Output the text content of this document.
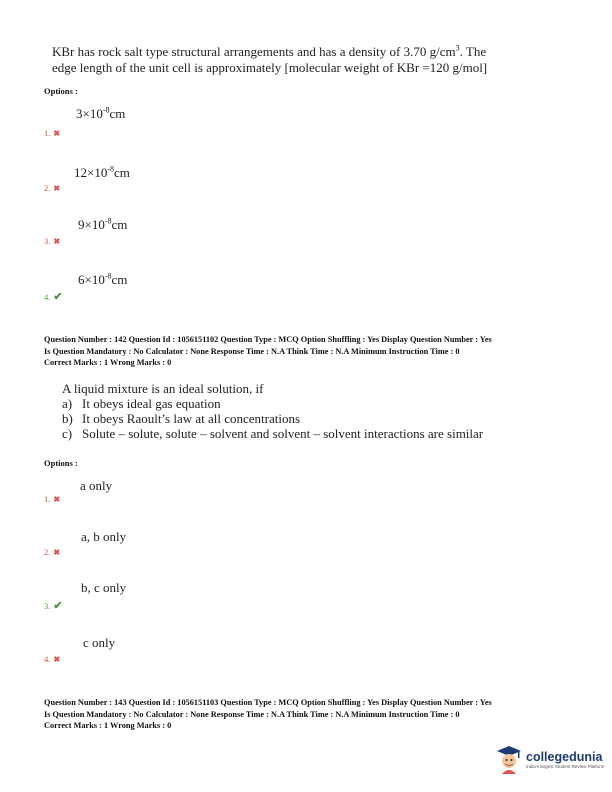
KBr has rock salt type structural arrangements and has a density of 3.70 $g/cm^3$. The
edge length of the unit cell is approximately [molecular weight of KBr =120 g/mol]
Options :
$3\times 10^{-8}cm$
1. ✖
$12\times 10^{-8}cm$
2. ✖
$9\times 10^{-8}cm$
3. ✖
$6\times 10^{-8}cm$
4. ✔
Question Number : 142 Question Id : 1056151102 Question Type : MCQ Option Shuffling : Yes Display Question Number : Yes
Is Question Mandatory : No Calculator : None Response Time : N.A Think Time : N.A Minimum Instruction Time : 0
Correct Marks : 1 Wrong Marks : 0
A liquid mixture is an ideal solution, if
a) It obeys ideal gas equation
b) It obeys Raoult’s law at all concentrations
c) Solute – solute, solute – solvent and solvent – solvent interactions are similar
Options :
a only
1. ✖
a, b only
2. ✖
b, c only
3. ✔
c only
4. ✖
Question Number : 143 Question Id : 1056151103 Question Type : MCQ Option Shuffling : Yes Display Question Number : Yes
Is Question Mandatory : No Calculator : None Response Time : N.A Think Time : N.A Minimum Instruction Time : 0
Correct Marks : 1 Wrong Marks : 0
collegedunia
India's largest Student Review Platform
